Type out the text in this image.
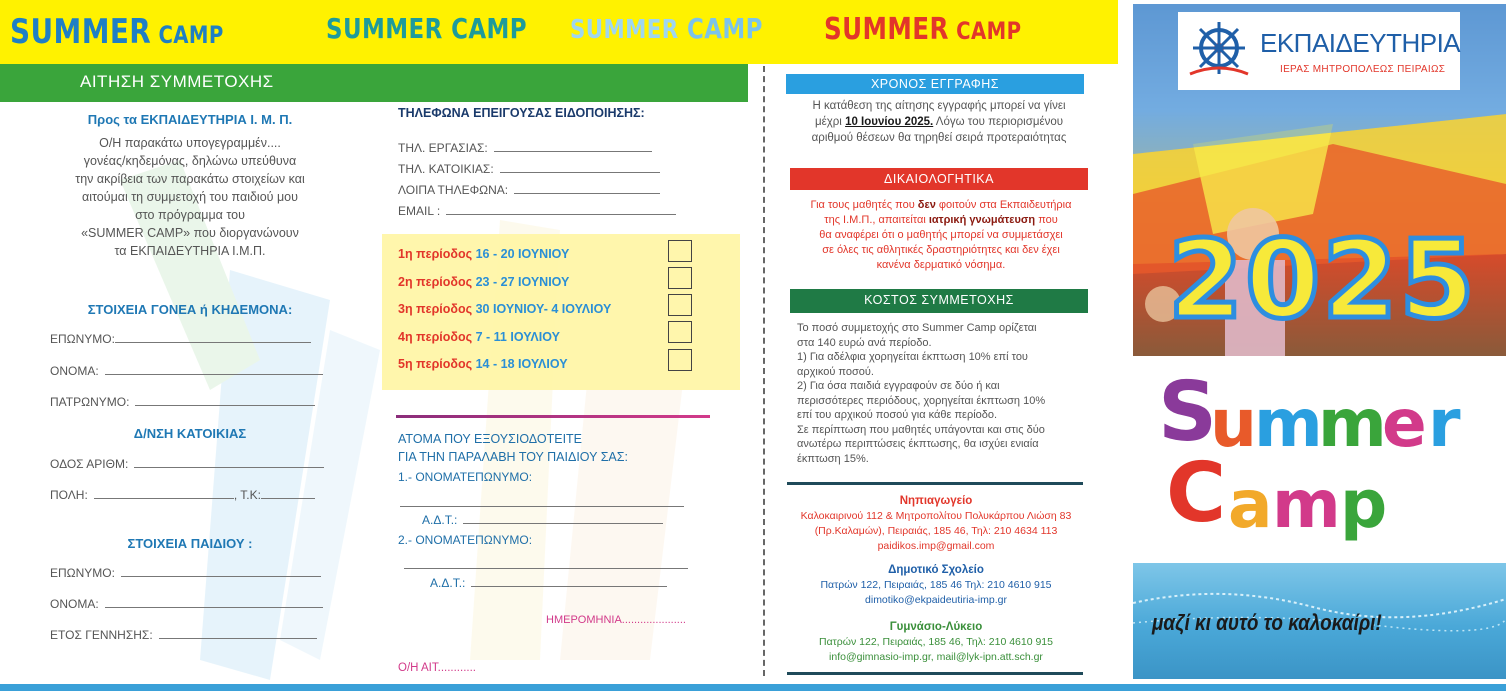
SUMMER CAMP	SUMMER CAMP SUMMER CAMP SUMMER CAMP
ΑΙΤΗΣΗ ΣΥΜΜΕΤΟΧΗΣ
Προς τα ΕΚΠΑΙΔΕΥΤΗΡΙΑ Ι. Μ. Π.
Ο/Η παρακάτω υπογεγραμμέν....
γονέας/κηδεμόνας, δηλώνω υπεύθυνα
την ακρίβεια των παρακάτω στοιχείων και
αιτούμαι τη συμμετοχή του παιδιού μου
στο πρόγραμμα του
«SUMMER CAMP» που διοργανώνουν
τα ΕΚΠΑΙΔΕΥΤΗΡΙΑ Ι.Μ.Π.
ΣΤΟΙΧΕΙΑ ΓΟΝΕΑ ή ΚΗΔΕΜΟΝΑ:
ΕΠΩΝΥΜΟ:
ΟΝΟΜΑ:
ΠΑΤΡΩΝΥΜΟ:
Δ/ΝΣΗ ΚΑΤΟΙΚΙΑΣ
ΟΔΟΣ ΑΡΙΘΜ:
ΠΟΛΗ:	, Τ.Κ:
ΣΤΟΙΧΕΙΑ ΠΑΙΔΙΟΥ :
ΕΠΩΝΥΜΟ:
ΟΝΟΜΑ:
ΕΤΟΣ ΓΕΝΝΗΣΗΣ:
ΤΗΛΕΦΩΝΑ ΕΠΕΙΓΟΥΣΑΣ ΕΙΔΟΠΟΙΗΣΗΣ:
ΤΗΛ. ΕΡΓΑΣΙΑΣ:
ΤΗΛ. ΚΑΤΟΙΚΙΑΣ:
ΛΟΙΠΑ ΤΗΛΕΦΩΝΑ:
EMAIL :
1η περίοδος 16 - 20 ΙΟΥΝΙΟΥ
2η περίοδος 23 - 27 ΙΟΥΝΙΟΥ
3η περίοδος 30 ΙΟΥΝΙΟΥ- 4 ΙΟΥΛΙΟΥ
4η περίοδος 7 - 11 ΙΟΥΛΙΟΥ
5η περίοδος 14 - 18 ΙΟΥΛΙΟΥ
ΑΤΟΜΑ ΠΟΥ ΕΞΟΥΣΙΟΔΟΤΕΙΤΕ
ΓΙΑ ΤΗΝ ΠΑΡΑΛΑΒΗ ΤΟΥ ΠΑΙΔΙΟΥ ΣΑΣ:
1.- ΟΝΟΜΑΤΕΠΩΝΥΜΟ:
Α.Δ.Τ.:
2.- ΟΝΟΜΑΤΕΠΩΝΥΜΟ:
Α.Δ.Τ.:
ΗΜΕΡΟΜΗΝΙΑ.....................
Ο/Η ΑΙΤ............
ΧΡΟΝΟΣ ΕΓΓΡΑΦΗΣ
Η κατάθεση της αίτησης εγγραφής μπορεί να γίνει
μέχρι 10 Ιουνίου 2025. Λόγω του περιορισμένου
αριθμού θέσεων θα τηρηθεί σειρά προτεραιότητας
ΔΙΚΑΙΟΛΟΓΗΤΙΚΑ
Για τους μαθητές που δεν φοιτούν στα Εκπαιδευτήρια
της Ι.Μ.Π., απαιτείται ιατρική γνωμάτευση που
θα αναφέρει ότι ο μαθητής μπορεί να συμμετάσχει
σε όλες τις αθλητικές δραστηριότητες και δεν έχει
κανένα δερματικό νόσημα.
ΚΟΣΤΟΣ ΣΥΜΜΕΤΟΧΗΣ
Το ποσό συμμετοχής στο Summer Camp ορίζεται
στα 140 ευρώ ανά περίοδο.
1) Για αδέλφια χορηγείται έκπτωση 10% επί του
αρχικού ποσού.
2) Για όσα παιδιά εγγραφούν σε δύο ή και
περισσότερες περιόδους, χορηγείται έκπτωση 10%
επί του αρχικού ποσού για κάθε περίοδο.
Σε περίπτωση που μαθητές υπάγονται και στις δύο
ανωτέρω περιπτώσεις έκπτωσης, θα ισχύει ενιαία
έκπτωση 15%.
Νηπιαγωγείο
Καλοκαιρινού 112 & Μητροπολίτου Πολυκάρπου Λιώση 83
(Πρ.Καλαμών), Πειραιάς, 185 46, Τηλ: 210 4634 113
paidikos.imp@gmail.com
Δημοτικό Σχολείο
Πατρών 122, Πειραιάς, 185 46 Τηλ: 210 4610 915
dimotiko@ekpaideutiria-imp.gr
Γυμνάσιο-Λύκειο
Πατρών 122, Πειραιάς, 185 46, Τηλ: 210 4610 915
info@gimnasio-imp.gr, mail@lyk-ipn.att.sch.gr
ΕΚΠΑΙΔΕΥΤΗΡΙΑ
ΙΕΡΑΣ ΜΗΤΡΟΠΟΛΕΩΣ ΠΕΙΡΑΙΩΣ
2025
S
u
m
m
e r
C a m p
μαζί κι αυτό το καλοκαίρι!
